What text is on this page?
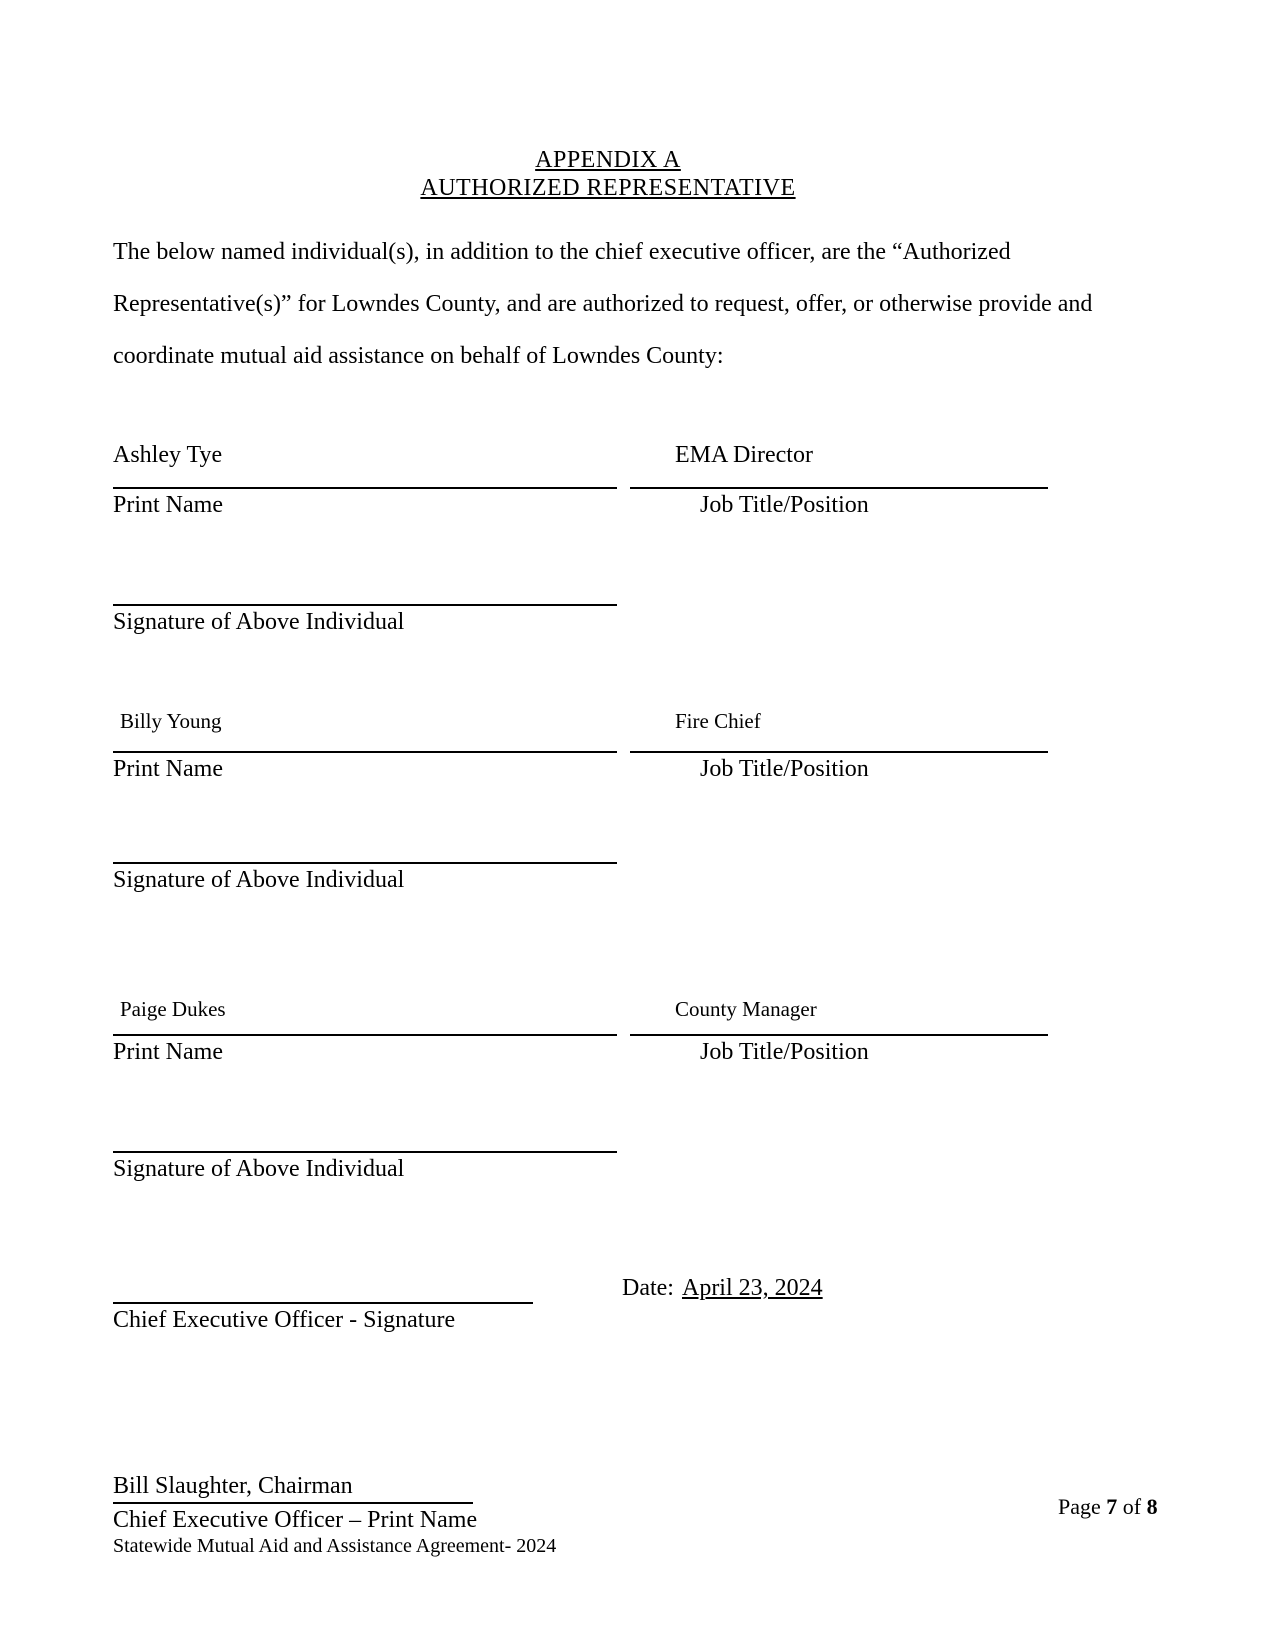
APPENDIX A
AUTHORIZED REPRESENTATIVE
The below named individual(s), in addition to the chief executive officer, are the “Authorized Representative(s)” for Lowndes County, and are authorized to request, offer, or otherwise provide and coordinate mutual aid assistance on behalf of Lowndes County:
Ashley Tye	EMA Director
Print Name	Job Title/Position
Signature of Above Individual
Billy Young	Fire Chief
Print Name	Job Title/Position
Signature of Above Individual
Paige Dukes	County Manager
Print Name	Job Title/Position
Signature of Above Individual
Date: April 23, 2024
Chief Executive Officer - Signature
Bill Slaughter, Chairman
Chief Executive Officer – Print Name
Statewide Mutual Aid and Assistance Agreement- 2024
Page 7 of 8
